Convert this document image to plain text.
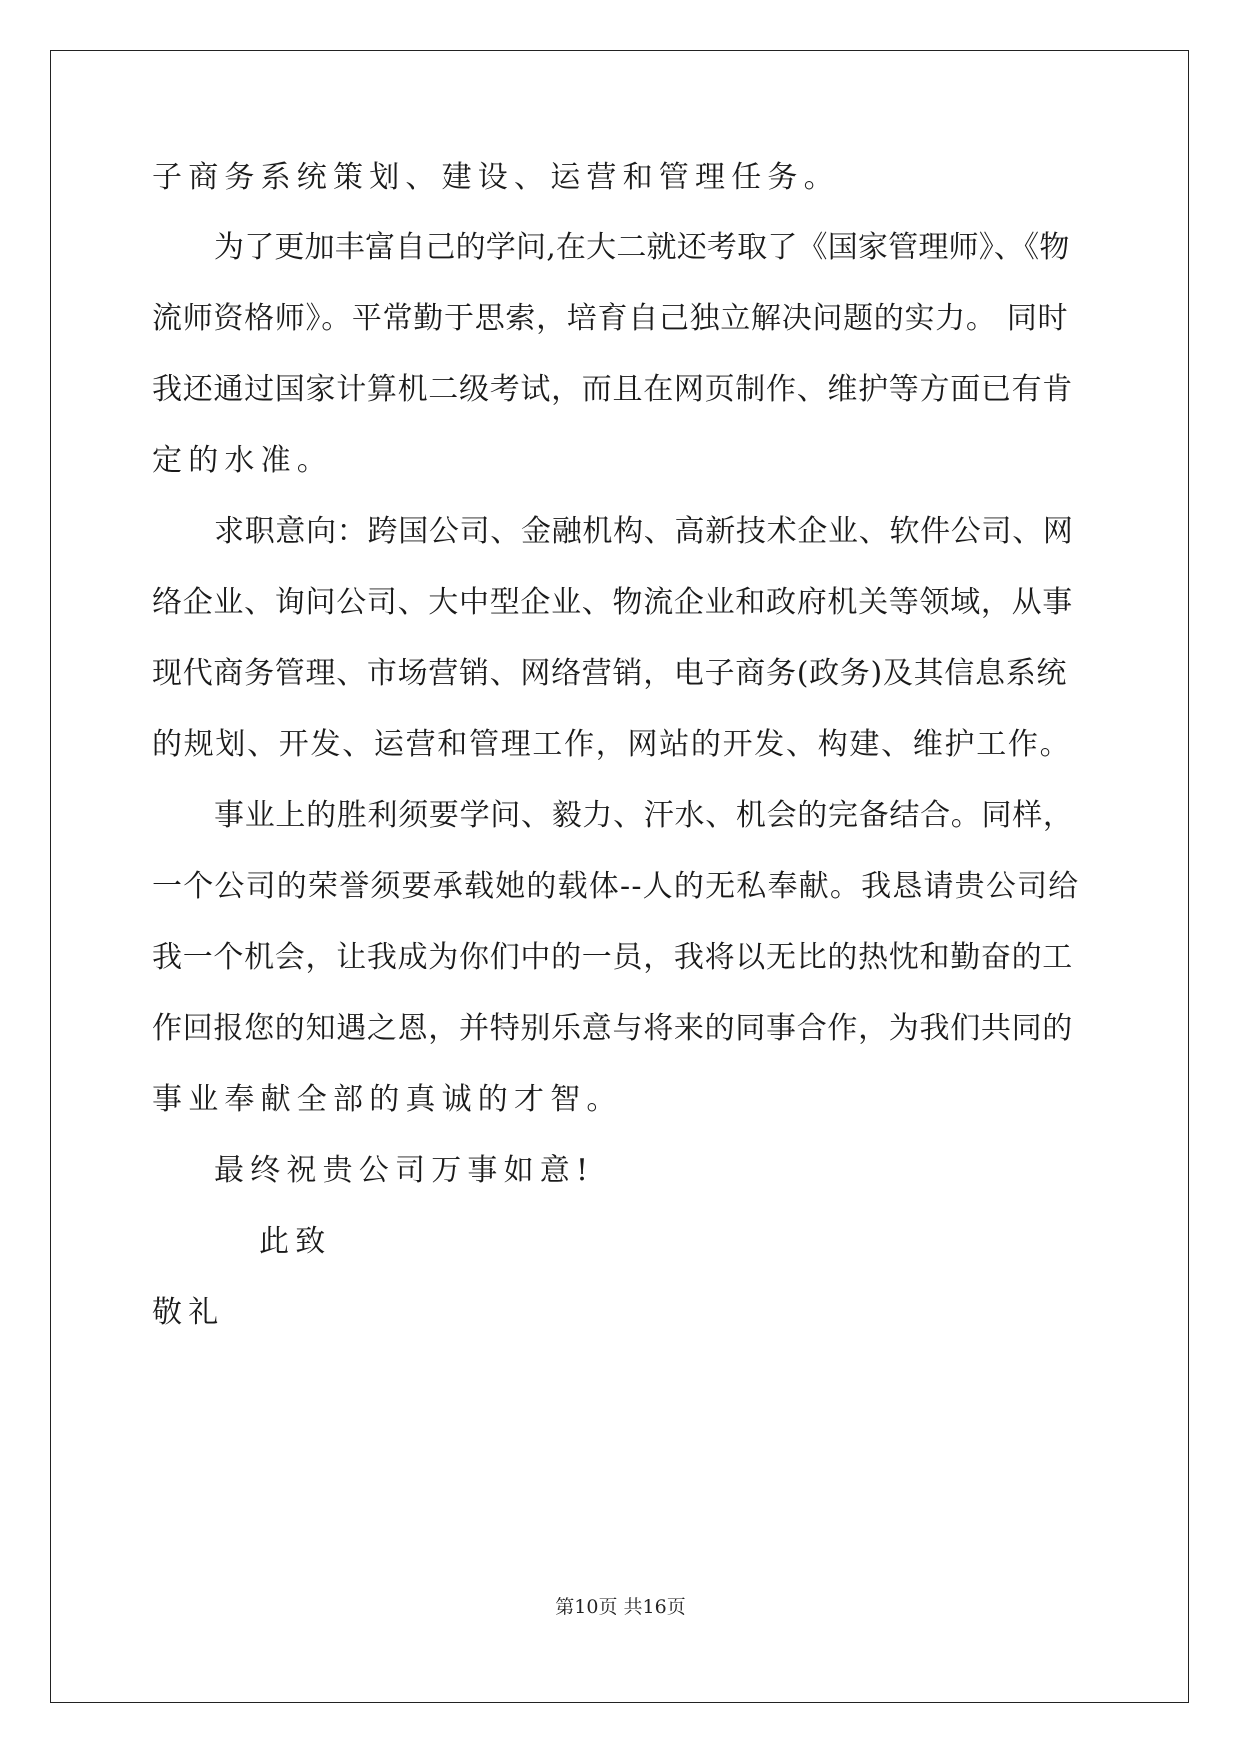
子商务系统策划、建设、运营和管理任务。
为了更加丰富自己的学问,在大二就还考取了《国家管理师》、《物
流师资格师》。平常勤于思索，培育自己独立解决问题的实力。 同时
我还通过国家计算机二级考试，而且在网页制作、维护等方面已有肯
定的水准。
求职意向：跨国公司、金融机构、高新技术企业、软件公司、网
络企业、询问公司、大中型企业、物流企业和政府机关等领域，从事
现代商务管理、市场营销、网络营销，电子商务(政务)及其信息系统
的规划、开发、运营和管理工作，网站的开发、构建、维护工作。
事业上的胜利须要学问、毅力、汗水、机会的完备结合。同样，
一个公司的荣誉须要承载她的载体--人的无私奉献。我恳请贵公司给
我一个机会，让我成为你们中的一员，我将以无比的热忱和勤奋的工
作回报您的知遇之恩，并特别乐意与将来的同事合作，为我们共同的
事业奉献全部的真诚的才智。
最终祝贵公司万事如意!
此致
敬礼
第10页 共16页
